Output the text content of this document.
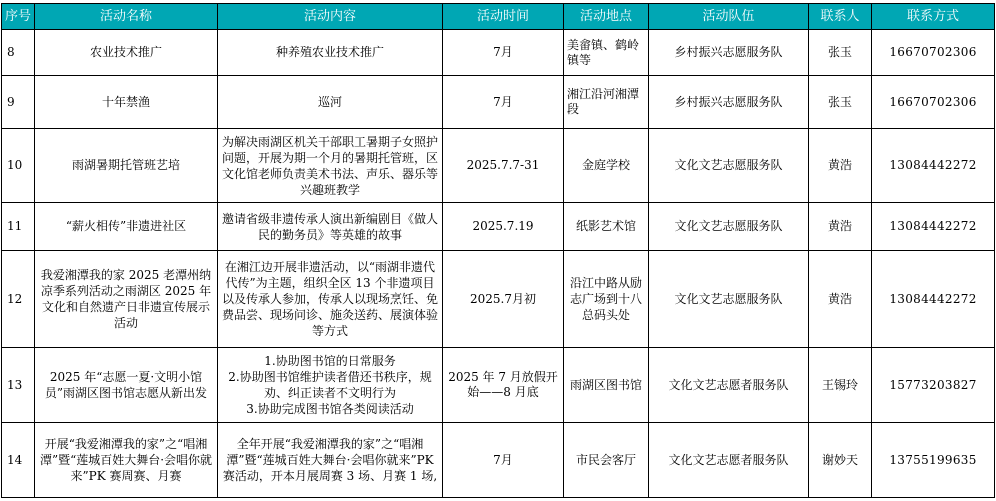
序号	活动名称	活动内容	活动时间	活动地点	活动队伍	联系人	联系方式
8	农业技术推广	种养殖农业技术推广	7月	美畲镇、鹤岭镇等	乡村振兴志愿服务队	张玉	16670702306
9	十年禁渔	巡河	7月	湘江沿河湘潭段	乡村振兴志愿服务队	张玉	16670702306
10	雨湖暑期托管班艺培	为解决雨湖区机关干部职工暑期子女照护问题，开展为期一个月的暑期托管班，区文化馆老师负责美术书法、声乐、器乐等兴趣班教学	2025.7.7-31	金庭学校	文化文艺志愿服务队	黄浩	13084442272
11	“薪火相传”非遗进社区	邀请省级非遗传承人演出新编剧目《做人民的勤务员》等英雄的故事	2025.7.19	纸影艺术馆	文化文艺志愿服务队	黄浩	13084442272
12	我爱湘潭我的家 2025 老潭州纳凉季系列活动之雨湖区 2025 年文化和自然遗产日非遗宣传展示活动	在湘江边开展非遗活动，以“雨湖非遗代代传”为主题，组织全区 13 个非遗项目以及传承人参加，传承人以现场烹饪、免费品尝、现场问诊、施灸送药、展演体验等方式	2025.7月初	沿江中路从励志广场到十八总码头处	文化文艺志愿服务队	黄浩	13084442272
13	2025 年“志愿一夏·文明小馆员”雨湖区图书馆志愿从新出发	1.协助图书馆的日常服务
2.协助图书馆维护读者借还书秩序，规劝、纠正读者不文明行为
3.协助完成图书馆各类阅读活动	2025 年 7 月放假开始——8 月底	雨湖区图书馆	文化文艺志愿者服务队	王锡玲	15773203827
14	开展“我爱湘潭我的家”之“唱湘潭”暨“莲城百姓大舞台·会唱你就来”PK 赛周赛、月赛	全年开展“我爱湘潭我的家”之“唱湘潭”暨“莲城百姓大舞台·会唱你就来”PK 赛活动，开本月展周赛 3 场、月赛 1 场,	7月	市民会客厅	文化文艺志愿者服务队	谢妙天	13755199635
